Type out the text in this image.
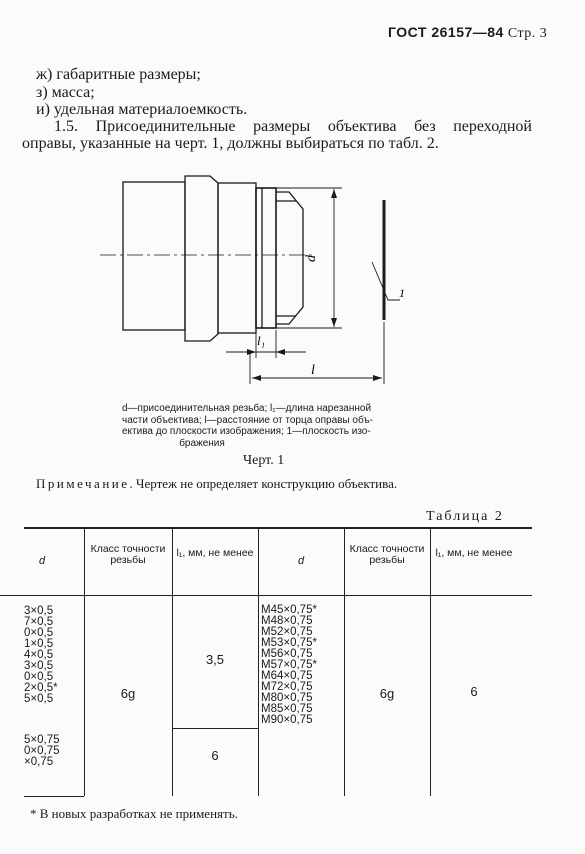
ГОСТ 26157—84 Стр. 3
ж) габаритные размеры;
з) масса;
и) удельная материалоемкость.
1.5. Присоединительные размеры объектива без переходной
оправы, указанные на черт. 1, должны выбираться по табл. 2.
d
l₁
l
1
d—присоединительная резьба; l₁—длина нарезанной
части объектива; l—расстояние от торца оправы объ-
ектива до плоскости изображения; 1—плоскость изо-
бражения
Черт. 1
Примечание. Чертеж не определяет конструкцию объектива.
Таблица 2
d
Класс точности резьбы
l₁, мм, не менее
d
Класс точности резьбы
l₁, мм, не менее
3×0,5
7×0,5
0×0,5
1×0,5
4×0,5
3×0,5
0×0,5
2×0,5*
5×0,5
5×0,75
0×0,75
×0,75
6g
3,5
6
M45×0,75*
M48×0,75
M52×0,75
M53×0,75*
M56×0,75
M57×0,75*
M64×0,75
M72×0,75
M80×0,75
M85×0,75
M90×0,75
6g	6
* В новых разработках не применять.
